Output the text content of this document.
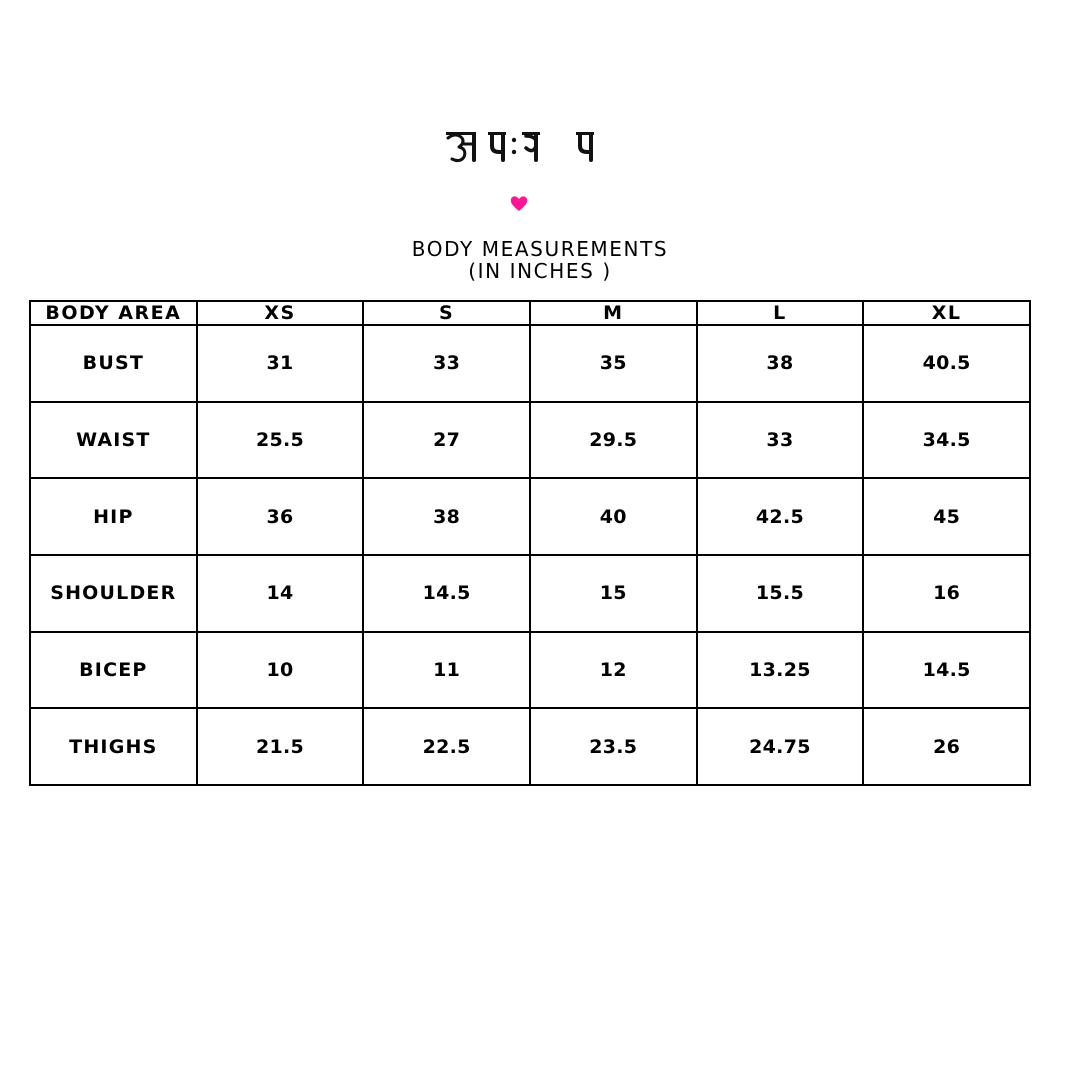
BODY MEASUREMENTS
(IN INCHES )
BODY AREA	XS	S	M	L	XL
BUST	31	33	35	38	40.5
WAIST	25.5	27	29.5	33	34.5
HIP	36	38	40	42.5	45
SHOULDER	14	14.5	15	15.5	16
BICEP	10	11	12	13.25	14.5
THIGHS	21.5	22.5	23.5	24.75	26
